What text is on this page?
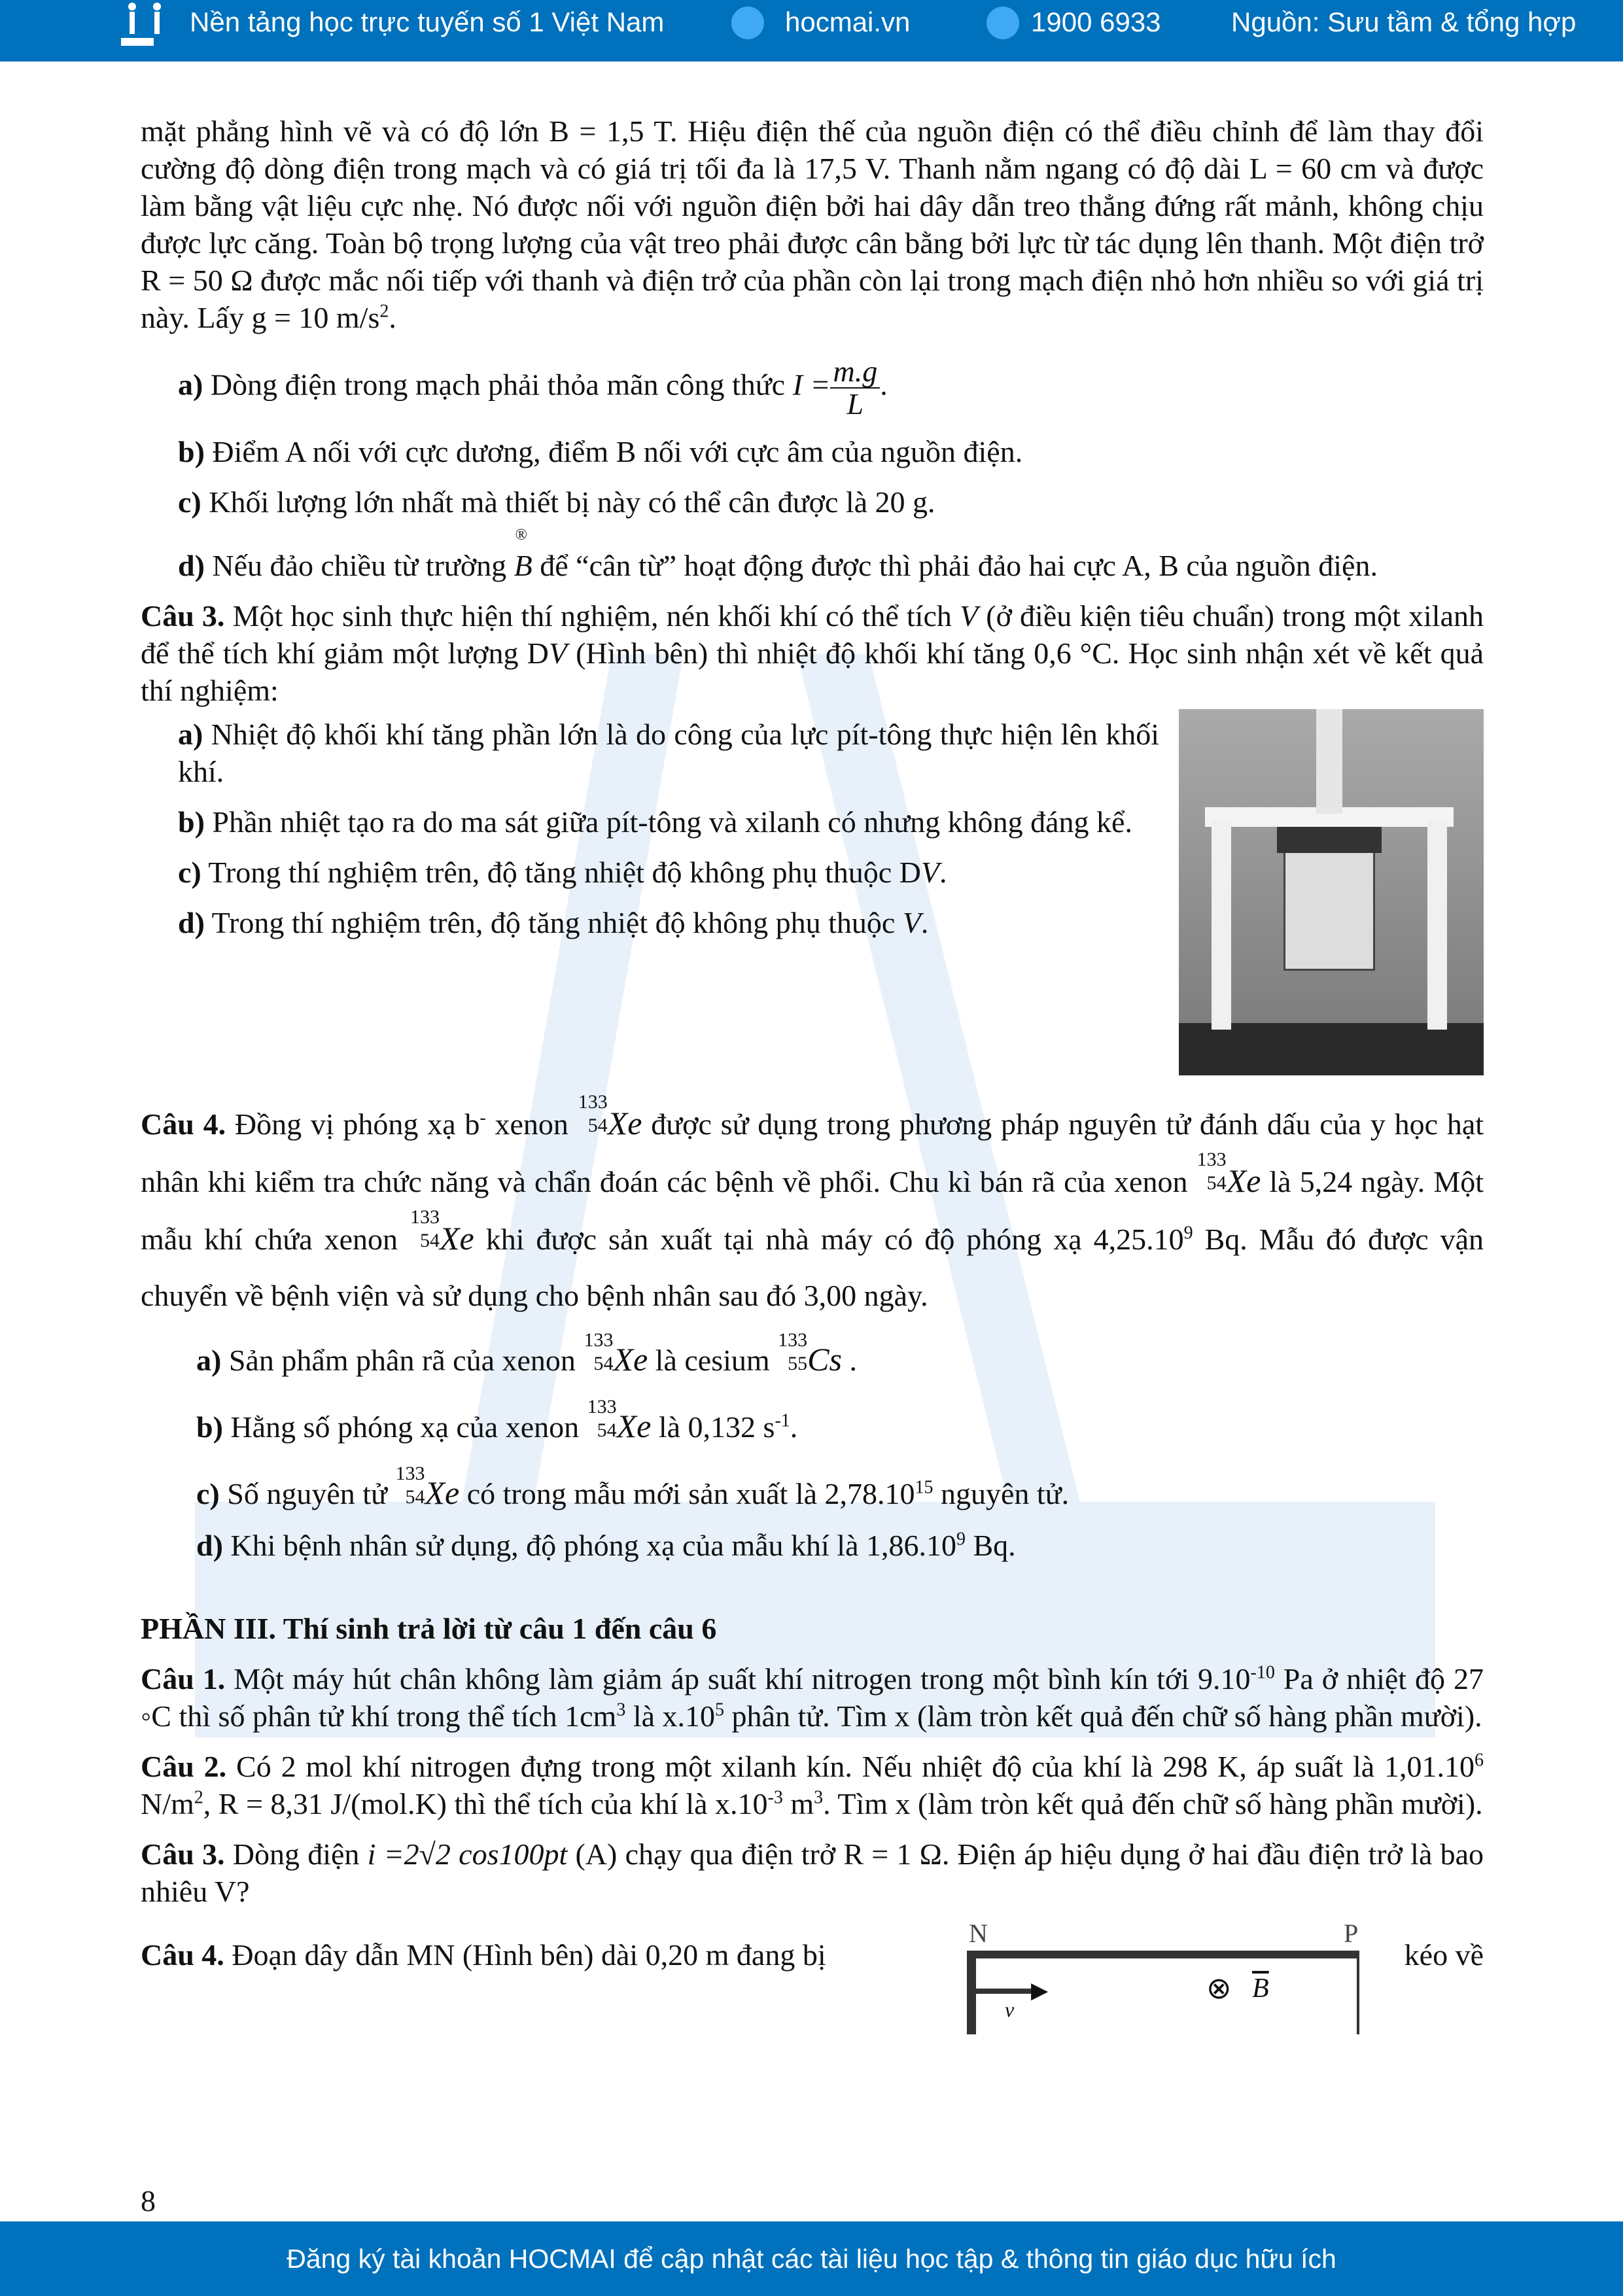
Nền tảng học trực tuyến số 1 Việt Nam	hocmai.vn	1900 6933	Nguồn: Sưu tầm & tổng hợp
mặt phẳng hình vẽ và có độ lớn B = 1,5 T. Hiệu điện thế của nguồn điện có thể điều chỉnh để làm thay đổi cường độ dòng điện trong mạch và có giá trị tối đa là 17,5 V. Thanh nằm ngang có độ dài L = 60 cm và được làm bằng vật liệu cực nhẹ. Nó được nối với nguồn điện bởi hai dây dẫn treo thẳng đứng rất mảnh, không chịu được lực căng. Toàn bộ trọng lượng của vật treo phải được cân bằng bởi lực từ tác dụng lên thanh. Một điện trở R = 50 Ω được mắc nối tiếp với thanh và điện trở của phần còn lại trong mạch điện nhỏ hơn nhiều so với giá trị này. Lấy g = 10 $m/s^2$.
a) Dòng điện trong mạch phải thỏa mãn công thức $I = \frac{m.g}{L}$.
b) Điểm A nối với cực dương, điểm B nối với cực âm của nguồn điện.
c) Khối lượng lớn nhất mà thiết bị này có thể cân được là 20 g.
d) Nếu đảo chiều từ trường
®
B để “cân từ” hoạt động được thì phải đảo hai cực A, B của nguồn điện.
Câu 3. Một học sinh thực hiện thí nghiệm, nén khối khí có thể tích V (ở điều kiện tiêu chuẩn) trong một xilanh để thể tích khí giảm một lượng DV (Hình bên) thì nhiệt độ khối khí tăng 0,6 °C. Học sinh nhận xét về kết quả thí nghiệm:
a) Nhiệt độ khối khí tăng phần lớn là do công của lực pít-tông thực hiện lên khối khí.
b) Phần nhiệt tạo ra do ma sát giữa pít-tông và xilanh có nhưng không đáng kể.
c) Trong thí nghiệm trên, độ tăng nhiệt độ không phụ thuộc DV.
d) Trong thí nghiệm trên, độ tăng nhiệt độ không phụ thuộc V.
Câu 4. Đồng vị phóng xạ b- xenon
133
54 Xe được sử dụng trong phương pháp nguyên tử đánh dấu của y học hạt nhân khi kiểm tra chức năng và chẩn đoán các bệnh về phổi. Chu kì bán rã của xenon
133
54 Xe là 5,24 ngày. Một mẫu khí chứa xenon
133
54 Xe khi được sản xuất tại nhà máy có độ phóng xạ 4,25.10$^9$ Bq. Mẫu đó được vận chuyển về bệnh viện và sử dụng cho bệnh nhân sau đó 3,00 ngày.
a) Sản phẩm phân rã của xenon
133
54 Xe là cesium
133
55 Cs .
b) Hằng số phóng xạ của xenon
133
54 Xe là 0,132 $s^{-1}$.
c) Số nguyên tử
133
54 Xe có trong mẫu mới sản xuất là 2,78.10$^{15}$ nguyên tử.
d) Khi bệnh nhân sử dụng, độ phóng xạ của mẫu khí là 1,86.10$^9$ Bq.
PHẦN III. Thí sinh trả lời từ câu 1 đến câu 6
Câu 1. Một máy hút chân không làm giảm áp suất khí nitrogen trong một bình kín tới $9.10^{-10}$ Pa ở nhiệt độ 27 ◦C thì số phân tử khí trong thể tích $1cm^3$ là $x.10^5$ phân tử. Tìm x (làm tròn kết quả đến chữ số hàng phần mười).
Câu 2. Có 2 mol khí nitrogen đựng trong một xilanh kín. Nếu nhiệt độ của khí là 298 K, áp suất là 1,01.10$^6$ $N/m^2$, R = 8,31 J/(mol.K) thì thể tích của khí là $x.10^{-3}$ $m^3$. Tìm x (làm tròn kết quả đến chữ số hàng phần mười).
Câu 3. Dòng điện i =2√2 cos100pt (A) chạy qua điện trở R = 1 Ω. Điện áp hiệu dụng ở hai đầu điện trở là bao nhiêu V?
Câu 4. Đoạn dây dẫn MN (Hình bên) dài 0,20 m đang bị
N	P
▶	⊗ $\overline{B}$
v
kéo về
8
Đăng ký tài khoản HOCMAI để cập nhật các tài liệu học tập & thông tin giáo dục hữu ích
